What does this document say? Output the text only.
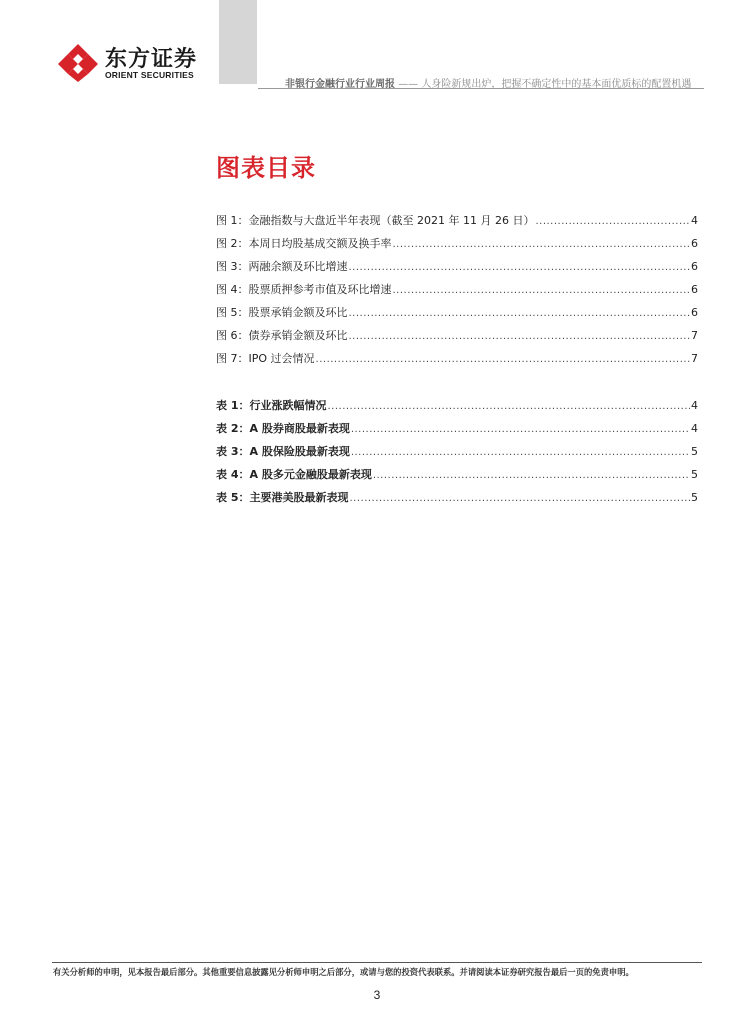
东方证券
ORIENT SECURITIES
非银行金融行业行业周报 —— 人身险新规出炉，把握不确定性中的基本面优质标的配置机遇
图表目录
图 1：金融指数与大盘近半年表现（截至 2021 年 11 月 26 日） .....	4
图 2：本周日均股基成交额及换手率 .....	6
图 3：两融余额及环比增速 .....	6
图 4：股票质押参考市值及环比增速 .....	6
图 5：股票承销金额及环比 .....	6
图 6：债券承销金额及环比 .....	7
图 7：IPO 过会情况 .....	7
表 1：行业涨跌幅情况 .....	4
表 2：A 股券商股最新表现 .....	4
表 3：A 股保险股最新表现 .....	5
表 4：A 股多元金融股最新表现 .....	5
表 5：主要港美股最新表现 .....	5
有关分析师的申明，见本报告最后部分。其他重要信息披露见分析师申明之后部分，或请与您的投资代表联系。并请阅读本证券研究报告最后一页的免责申明。
3
